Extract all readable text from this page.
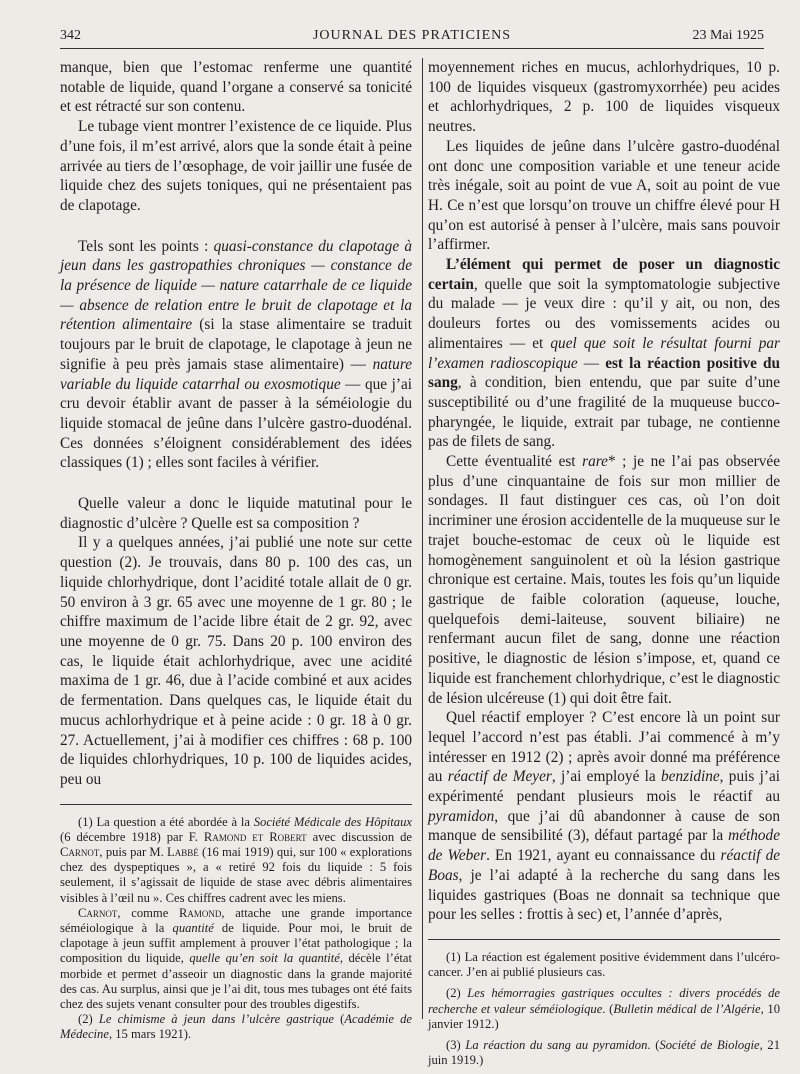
342	JOURNAL DES PRATICIENS	23 Mai 1925

manque, bien que l’estomac renferme une quantité notable de liquide, quand l’organe a conservé sa tonicité et est rétracté sur son contenu.

Le tubage vient montrer l’existence de ce liquide. Plus d’une fois, il m’est arrivé, alors que la sonde était à peine arrivée au tiers de l’œsophage, de voir jaillir une fusée de liquide chez des sujets toniques, qui ne présentaient pas de clapotage.

Tels sont les points : quasi-constance du clapotage à jeun dans les gastropathies chroniques — constance de la présence de liquide — nature catarrhale de ce liquide — absence de relation entre le bruit de clapotage et la rétention alimentaire (si la stase alimentaire se traduit toujours par le bruit de clapotage, le clapotage à jeun ne signifie à peu près jamais stase alimentaire) — nature variable du liquide catarrhal ou exosmotique — que j’ai cru devoir établir avant de passer à la séméiologie du liquide stomacal de jeûne dans l’ulcère gastro-duodénal. Ces données s’éloignent considérablement des idées classiques (1) ; elles sont faciles à vérifier.

Quelle valeur a donc le liquide matutinal pour le diagnostic d’ulcère ? Quelle est sa composition ?

Il y a quelques années, j’ai publié une note sur cette question (2). Je trouvais, dans 80 p. 100 des cas, un liquide chlorhydrique, dont l’acidité totale allait de 0 gr. 50 environ à 3 gr. 65 avec une moyenne de 1 gr. 80 ; le chiffre maximum de l’acide libre était de 2 gr. 92, avec une moyenne de 0 gr. 75. Dans 20 p. 100 environ des cas, le liquide était achlorhydrique, avec une acidité maxima de 1 gr. 46, due à l’acide combiné et aux acides de fermentation. Dans quelques cas, le liquide était du mucus achlorhydrique et à peine acide : 0 gr. 18 à 0 gr. 27. Actuellement, j’ai à modifier ces chiffres : 68 p. 100 de liquides chlorhydriques, 10 p. 100 de liquides acides, peu ou

(1) La question a été abordée à la Société Médicale des Hôpitaux (6 décembre 1918) par F. Ramond et Robert avec discussion de Carnot, puis par M. Labbé (16 mai 1919) qui, sur 100 « explorations chez des dyspeptiques », a « retiré 92 fois du liquide : 5 fois seulement, il s’agissait de liquide de stase avec débris alimentaires visibles à l’œil nu ». Ces chiffres cadrent avec les miens.

Carnot, comme Ramond, attache une grande importance séméiologique à la quantité de liquide. Pour moi, le bruit de clapotage à jeun suffit amplement à prouver l’état pathologique ; la composition du liquide, quelle qu’en soit la quantité, décèle l’état morbide et permet d’asseoir un diagnostic dans la grande majorité des cas. Au surplus, ainsi que je l’ai dit, tous mes tubages ont été faits chez des sujets venant consulter pour des troubles digestifs.

(2) Le chimisme à jeun dans l’ulcère gastrique (Académie de Médecine, 15 mars 1921).

moyennement riches en mucus, achlorhydriques, 10 p. 100 de liquides visqueux (gastromyxorrhée) peu acides et achlorhydriques, 2 p. 100 de liquides visqueux neutres.

Les liquides de jeûne dans l’ulcère gastro-duodénal ont donc une composition variable et une teneur acide très inégale, soit au point de vue A, soit au point de vue H. Ce n’est que lorsqu’on trouve un chiffre élevé pour H qu’on est autorisé à penser à l’ulcère, mais sans pouvoir l’affirmer.

L’élément qui permet de poser un diagnostic certain, quelle que soit la symptomatologie subjective du malade — je veux dire : qu’il y ait, ou non, des douleurs fortes ou des vomissements acides ou alimentaires — et quel que soit le résultat fourni par l’examen radioscopique — est la réaction positive du sang, à condition, bien entendu, que par suite d’une susceptibilité ou d’une fragilité de la muqueuse bucco-pharyngée, le liquide, extrait par tubage, ne contienne pas de filets de sang.

Cette éventualité est rare* ; je ne l’ai pas observée plus d’une cinquantaine de fois sur mon millier de sondages. Il faut distinguer ces cas, où l’on doit incriminer une érosion accidentelle de la muqueuse sur le trajet bouche-estomac de ceux où le liquide est homogènement sanguinolent et où la lésion gastrique chronique est certaine. Mais, toutes les fois qu’un liquide gastrique de faible coloration (aqueuse, louche, quelquefois demi-laiteuse, souvent biliaire) ne renfermant aucun filet de sang, donne une réaction positive, le diagnostic de lésion s’impose, et, quand ce liquide est franchement chlorhydrique, c’est le diagnostic de lésion ulcéreuse (1) qui doit être fait.

Quel réactif employer ? C’est encore là un point sur lequel l’accord n’est pas établi. J’ai commencé à m’y intéresser en 1912 (2) ; après avoir donné ma préférence au réactif de Meyer, j’ai employé la benzidine, puis j’ai expérimenté pendant plusieurs mois le réactif au pyramidon, que j’ai dû abandonner à cause de son manque de sensibilité (3), défaut partagé par la méthode de Weber. En 1921, ayant eu connaissance du réactif de Boas, je l’ai adapté à la recherche du sang dans les liquides gastriques (Boas ne donnait sa technique que pour les selles : frottis à sec) et, l’année d’après,

(1) La réaction est également positive évidemment dans l’ulcéro-cancer. J’en ai publié plusieurs cas.

(2) Les hémorragies gastriques occultes : divers procédés de recherche et valeur séméiologique. (Bulletin médical de l’Algérie, 10 janvier 1912.)

(3) La réaction du sang au pyramidon. (Société de Biologie, 21 juin 1919.)
